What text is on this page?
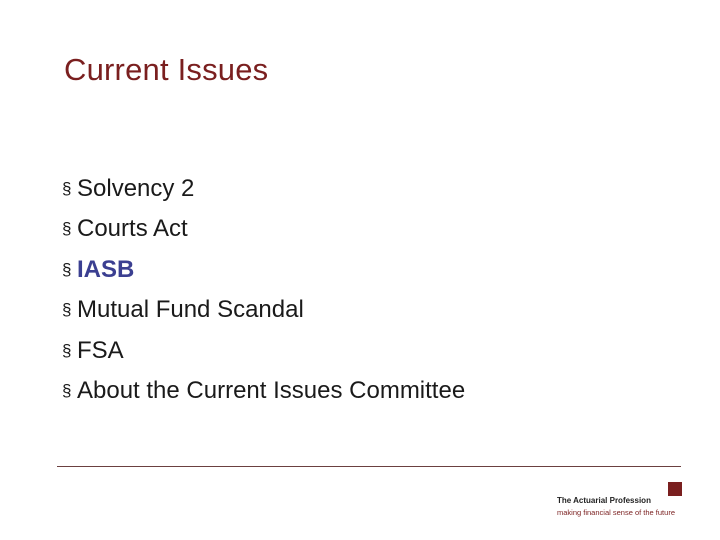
Current Issues
§ Solvency 2
§ Courts Act
§ IASB
§ Mutual Fund Scandal
§ FSA
§ About the Current Issues Committee
The Actuarial Profession
making financial sense of the future
